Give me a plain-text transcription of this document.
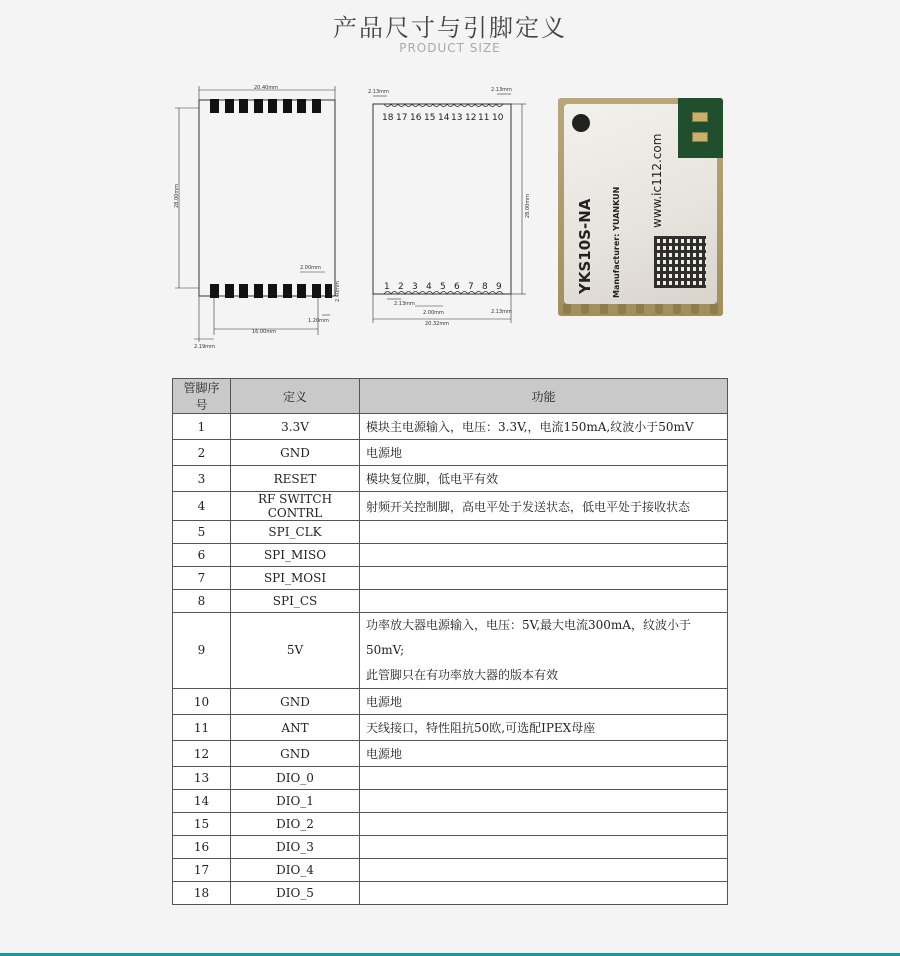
产品尺寸与引脚定义
PRODUCT SIZE
20.40mm
28.00mm
2.00mm
2.40mm
1.20mm
16.00mm
2.19mm
2.13mm	2.13mm
18 17 16 15 14 13 12 11 10
1 2 3 4 5 6 7 8 9
28.00mm
2.13mm
2.00mm	2.13mm
20.32mm
YKS10S-NA Manufacturer: YUANKUN
www.ic112.com
管脚序号	定义	功能
1	3.3V	模块主电源输入，电压：3.3V,，电流150mA,纹波小于50mV
2	GND	电源地
3	RESET	模块复位脚，低电平有效
4	RF SWITCH CONTRL	射频开关控制脚，高电平处于发送状态，低电平处于接收状态
5	SPI_CLK	
6	SPI_MISO	
7	SPI_MOSI	
8	SPI_CS	
9	5V	功率放大器电源输入，电压：5V,最大电流300mA，纹波小于50mV;
此管脚只在有功率放大器的版本有效

10	GND	电源地
11	ANT	天线接口，特性阻抗50欧,可选配IPEX母座
12	GND	电源地
13	DIO_0	
14	DIO_1	
15	DIO_2	
16	DIO_3	
17	DIO_4	
18	DIO_5	
